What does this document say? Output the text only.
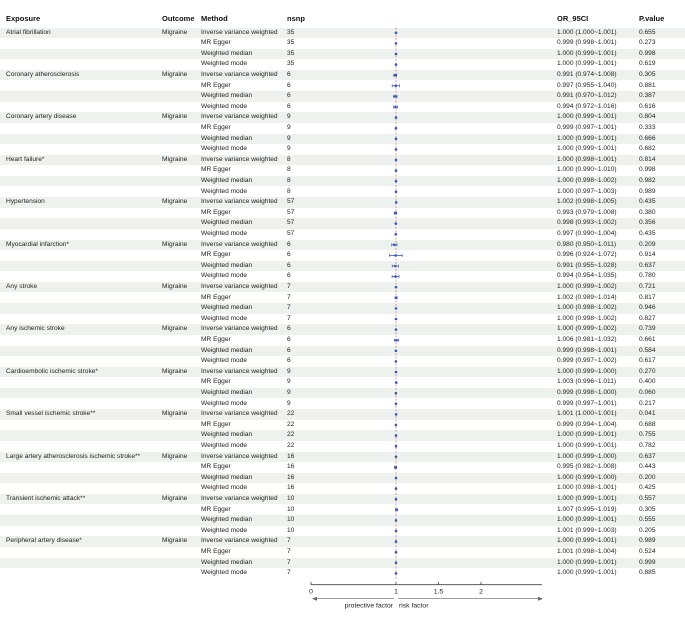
Exposure	Outcome Method	nsnp	OR_95CI	P.value
Atrial fibrillation	Migraine Inverse variance weighted 35	1.000 (1.000~1.001)	0.655
MR Egger	35	0.999 (0.998~1.001)	0.273
Weighted median	35	1.000 (0.999~1.001)	0.998
Weighted mode	35	1.000 (0.999~1.001)	0.619
Coronary atherosclerosis	Migraine Inverse variance weighted 6	0.991 (0.974~1.008)	0.305
MR Egger	6	0.997 (0.955~1.040)	0.881
Weighted median	6	0.991 (0.970~1.012)	0.387
Weighted mode	6	0.994 (0.972~1.016)	0.616
Coronary artery disease	Migraine Inverse variance weighted 9	1.000 (0.999~1.001)	0.804
MR Egger	9	0.999 (0.997~1.001)	0.333
Weighted median	9	1.000 (0.999~1.001)	0.666
Weighted mode	9	1.000 (0.999~1.001)	0.682
Heart failure*	Migraine Inverse variance weighted 8	1.000 (0.998~1.001)	0.814
MR Egger	8	1.000 (0.990~1.010)	0.998
Weighted median	8	1.000 (0.998~1.002)	0.982
Weighted mode	8	1.000 (0.997~1.003)	0.989
Hypertension	Migraine Inverse variance weighted 57	1.002 (0.998~1.005)	0.435
MR Egger	57	0.993 (0.979~1.008)	0.380
Weighted median	57	0.998 (0.993~1.002)	0.356
Weighted mode	57	0.997 (0.990~1.004)	0.435
Myocardial infarction*	Migraine Inverse variance weighted 6	0.980 (0.950~1.011)	0.209
MR Egger	6	0.996 (0.924~1.072)	0.914
Weighted median	6	0.991 (0.955~1.028)	0.637
Weighted mode	6	0.994 (0.954~1.035)	0.780
Any stroke	Migraine Inverse variance weighted 7	1.000 (0.999~1.002)	0.721
MR Egger	7	1.002 (0.989~1.014)	0.817
Weighted median	7	1.000 (0.998~1.002)	0.946
Weighted mode	7	1.000 (0.998~1.002)	0.827
Any ischemic stroke	Migraine Inverse variance weighted 6	1.000 (0.999~1.002)	0.739
MR Egger	6	1.006 (0.981~1.032)	0.661
Weighted median	6	0.999 (0.998~1.001)	0.584
Weighted mode	6	0.999 (0.997~1.002)	0.617
Cardioembolic ischemic stroke*	Migraine Inverse variance weighted 9	1.000 (0.999~1.000)	0.270
MR Egger	9	1.003 (0.996~1.011)	0.400
Weighted median	9	0.999 (0.998~1.000)	0.060
Weighted mode	9	0.999 (0.997~1.001)	0.217
Small vessel ischemic stroke**	Migraine Inverse variance weighted 22	1.001 (1.000~1.001)	0.041
MR Egger	22	0.999 (0.994~1.004)	0.688
Weighted median	22	1.000 (0.999~1.001)	0.755
Weighted mode	22	1.000 (0.999~1.001)	0.782
Large artery atherosclerosis ischemic stroke**	Migraine Inverse variance weighted 16	1.000 (0.999~1.000)	0.637
MR Egger	16	0.995 (0.982~1.008)	0.443
Weighted median	16	1.000 (0.999~1.000)	0.200
Weighted mode	16	1.000 (0.998~1.001)	0.425
Transient ischemic attack**	Migraine Inverse variance weighted 10	1.000 (0.999~1.001)	0.557
MR Egger	10	1.007 (0.995~1.019)	0.305
Weighted median	10	1.000 (0.999~1.001)	0.555
Weighted mode	10	1.001 (0.999~1.003)	0.205
Peripheral artery disease*	Migraine Inverse variance weighted 7	1.000 (0.999~1.001)	0.989
MR Egger	7	1.001 (0.998~1.004)	0.524
Weighted median	7	1.000 (0.999~1.001)	0.999
Weighted mode	7	1.000 (0.999~1.001)	0.885
0	1	1.5	2
protective factor risk factor
